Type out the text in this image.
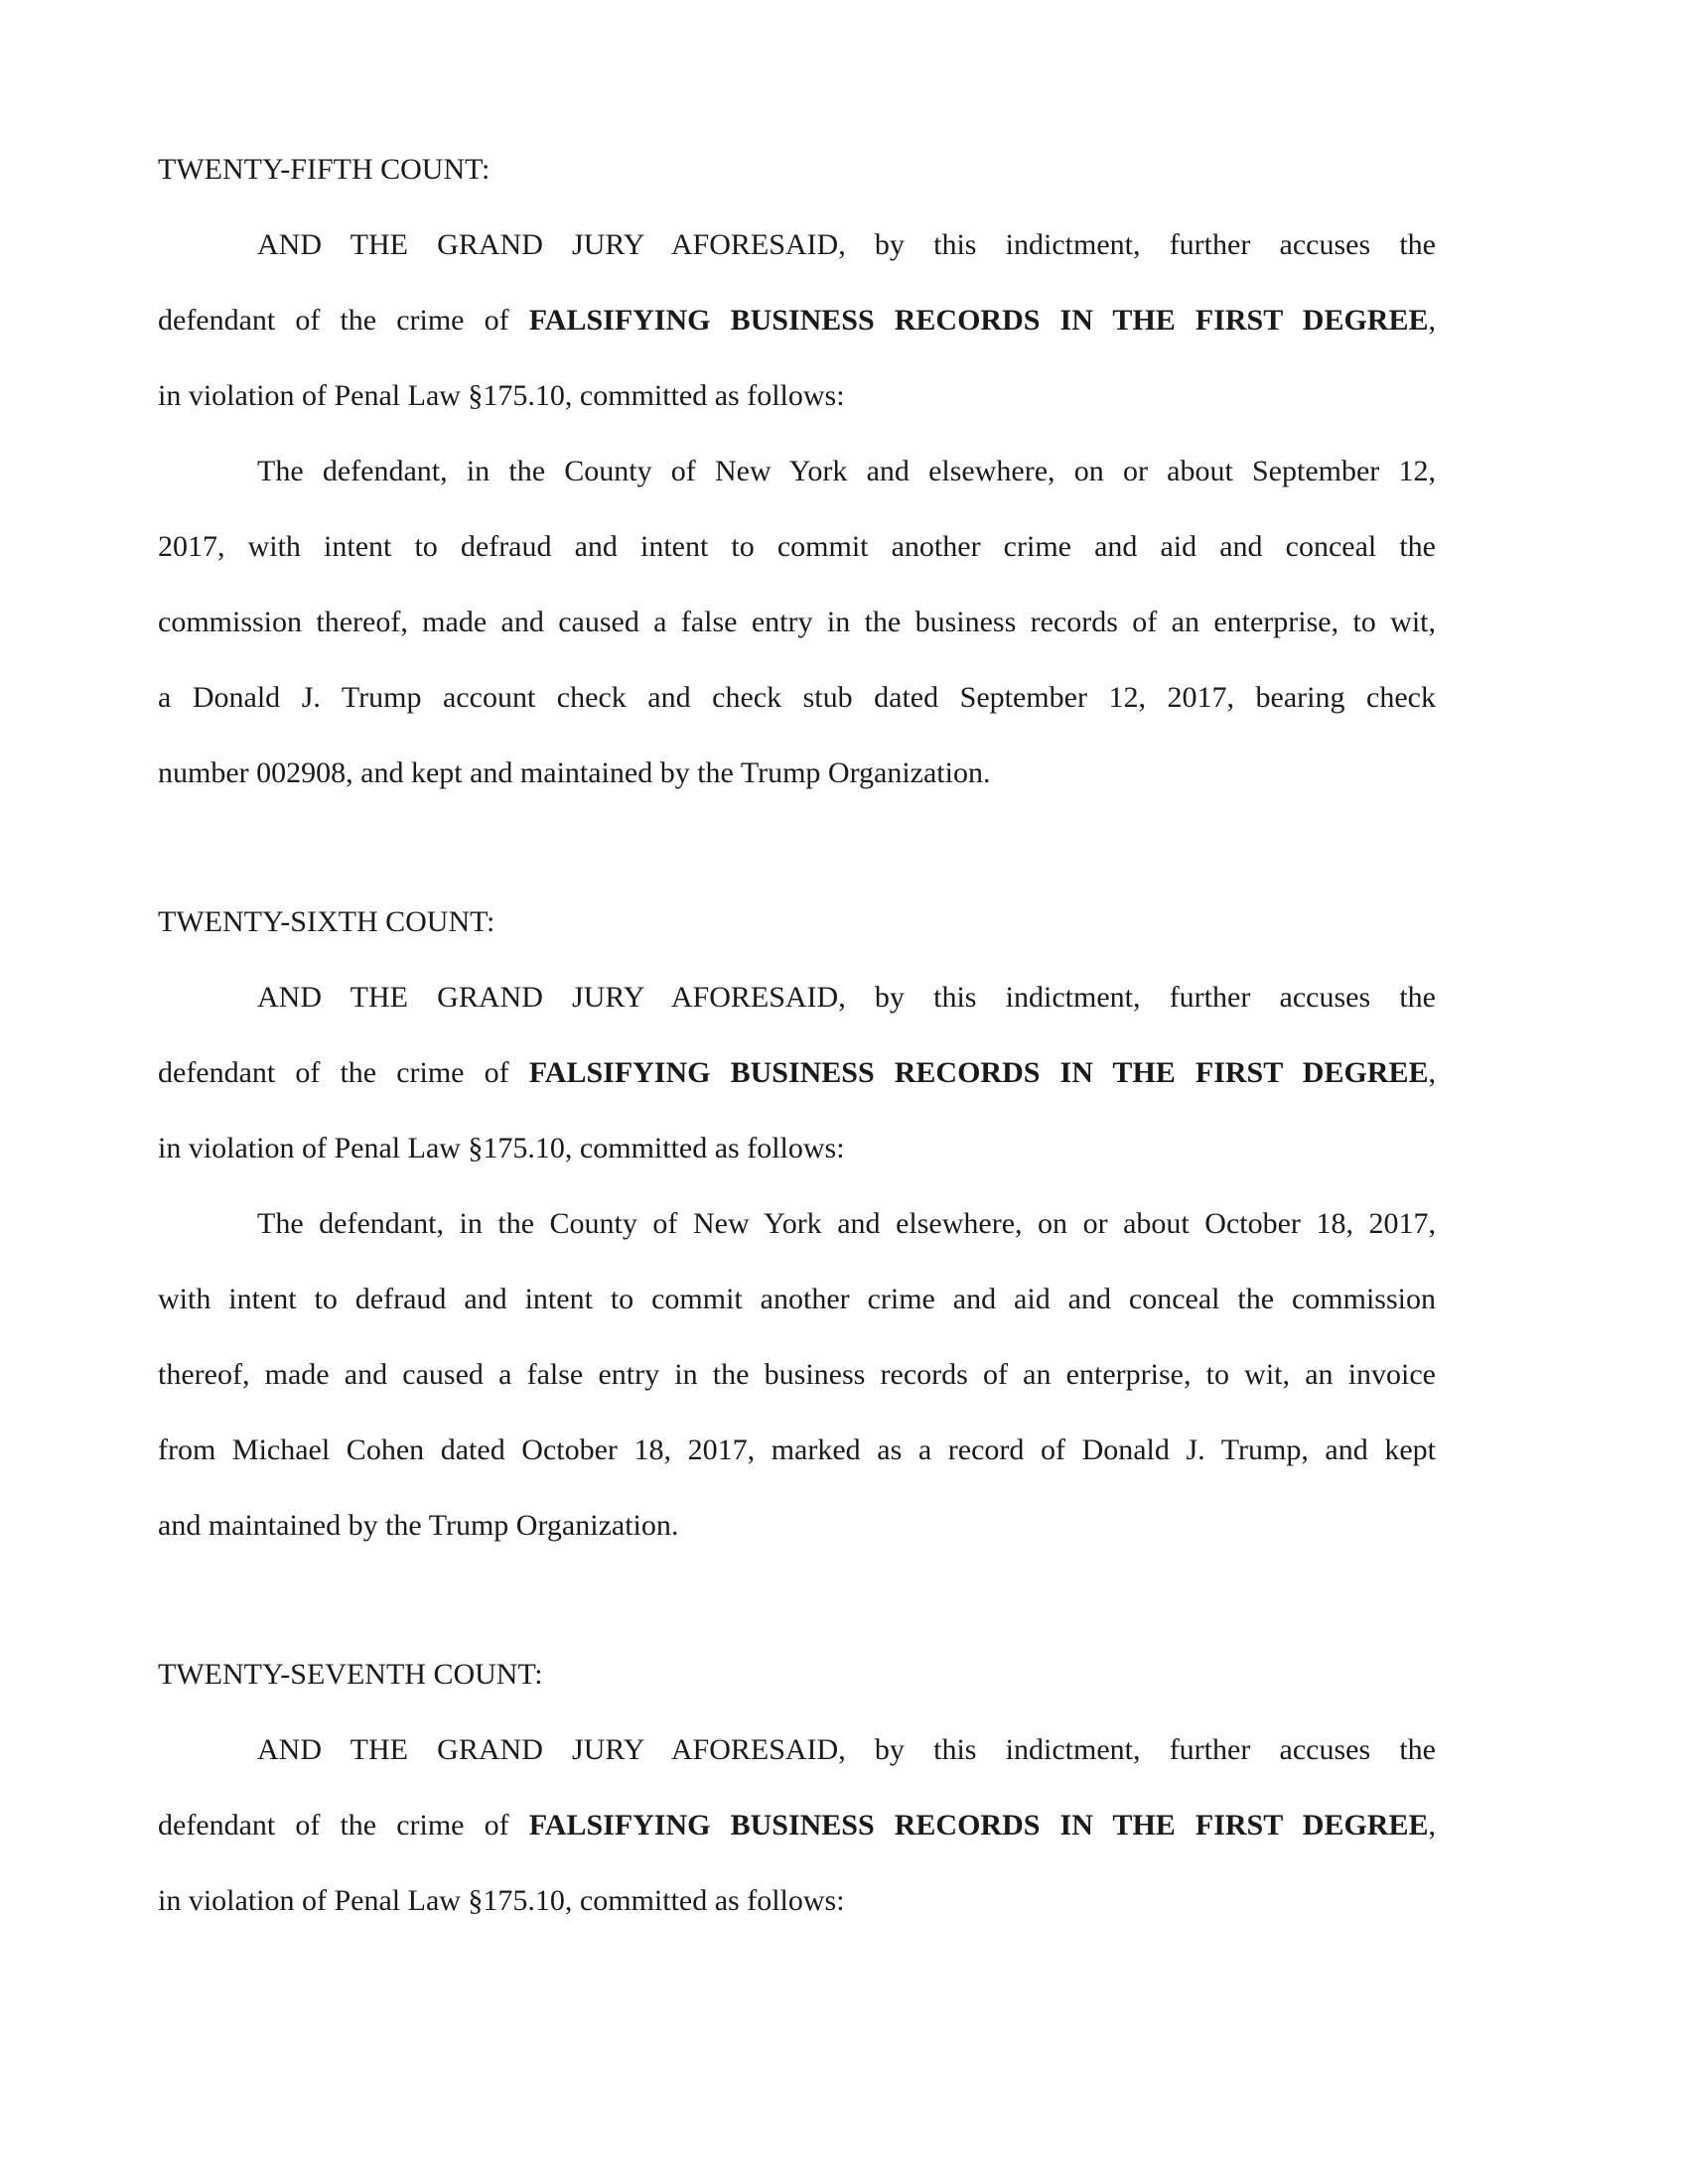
TWENTY-FIFTH COUNT:

AND THE GRAND JURY AFORESAID, by this indictment, further accuses the
defendant of the crime of FALSIFYING BUSINESS RECORDS IN THE FIRST DEGREE,
in violation of Penal Law §175.10, committed as follows:
The defendant, in the County of New York and elsewhere, on or about September 12,
2017, with intent to defraud and intent to commit another crime and aid and conceal the
commission thereof, made and caused a false entry in the business records of an enterprise, to wit,
a Donald J. Trump account check and check stub dated September 12, 2017, bearing check
number 002908, and kept and maintained by the Trump Organization.

TWENTY-SIXTH COUNT:

AND THE GRAND JURY AFORESAID, by this indictment, further accuses the
defendant of the crime of FALSIFYING BUSINESS RECORDS IN THE FIRST DEGREE,
in violation of Penal Law §175.10, committed as follows:
The defendant, in the County of New York and elsewhere, on or about October 18, 2017,
with intent to defraud and intent to commit another crime and aid and conceal the commission
thereof, made and caused a false entry in the business records of an enterprise, to wit, an invoice
from Michael Cohen dated October 18, 2017, marked as a record of Donald J. Trump, and kept
and maintained by the Trump Organization.

TWENTY-SEVENTH COUNT:

AND THE GRAND JURY AFORESAID, by this indictment, further accuses the
defendant of the crime of FALSIFYING BUSINESS RECORDS IN THE FIRST DEGREE,
in violation of Penal Law §175.10, committed as follows:
